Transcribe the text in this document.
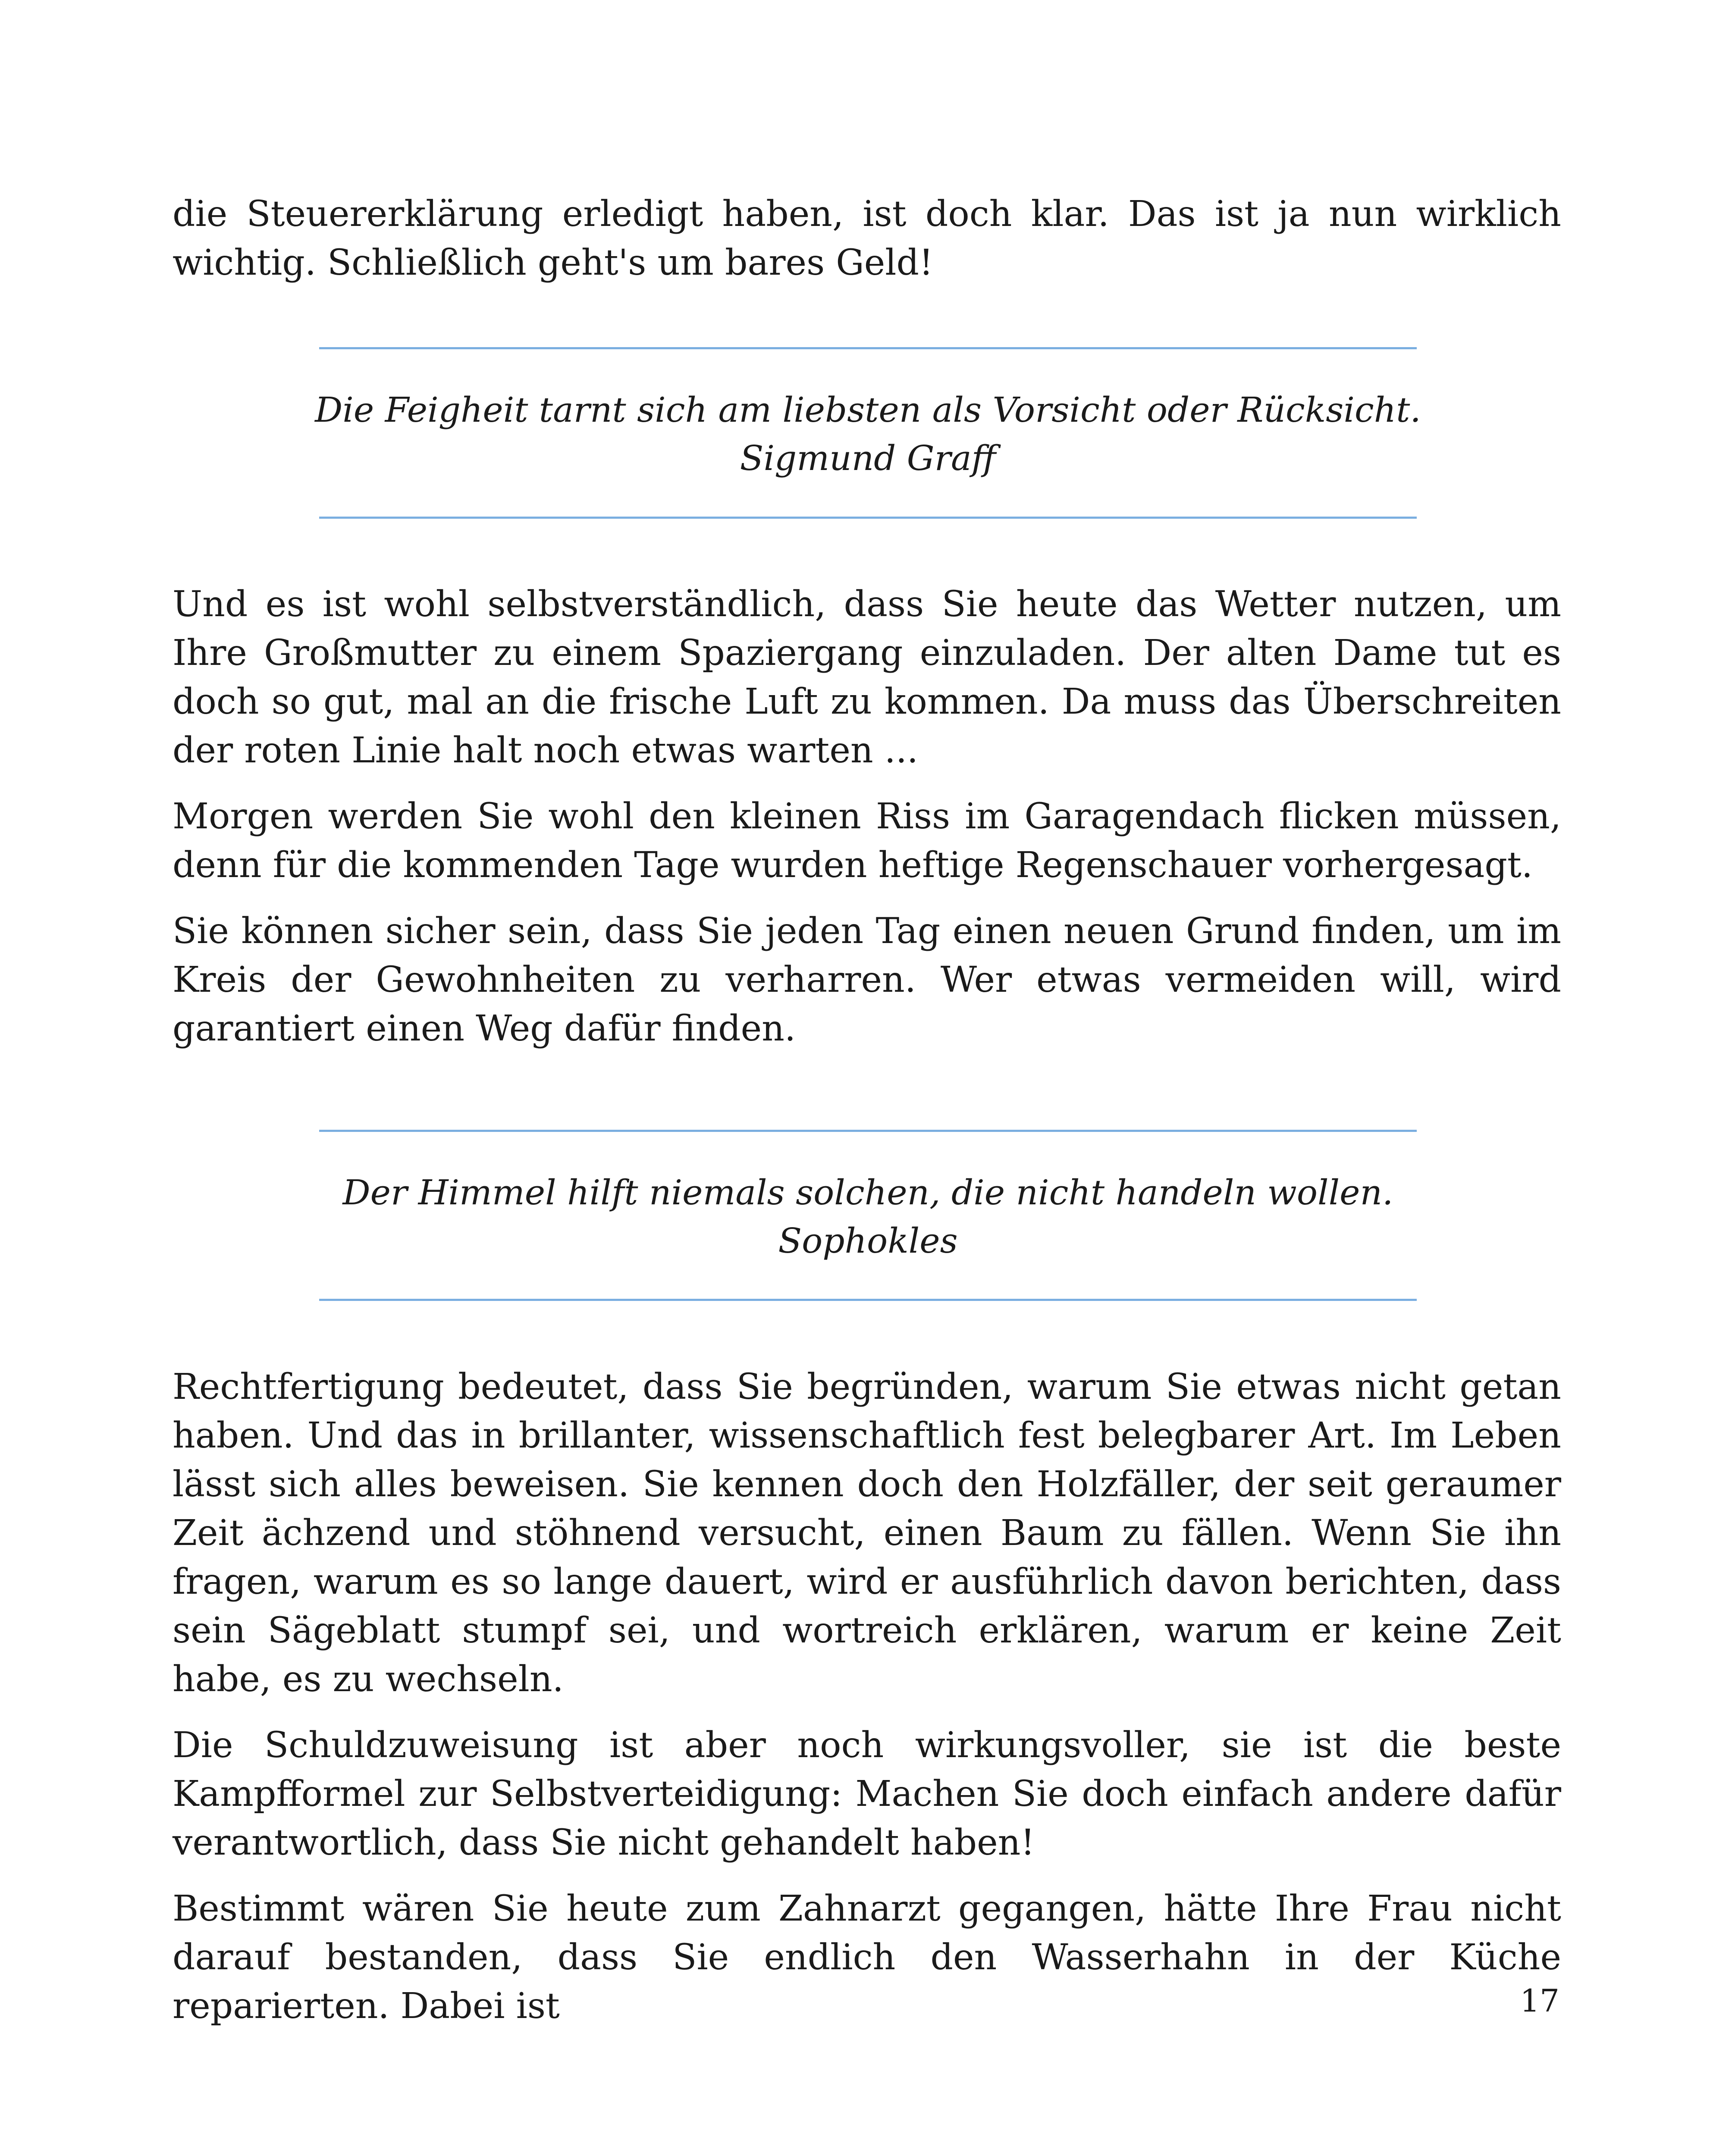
die Steuererklärung erledigt haben, ist doch klar. Das ist ja nun wirklich wichtig. Schließlich geht's um bares Geld!

Die Feigheit tarnt sich am liebsten als Vorsicht oder Rücksicht.
Sigmund Graff

Und es ist wohl selbstverständlich, dass Sie heute das Wetter nutzen, um Ihre Großmutter zu einem Spaziergang einzuladen. Der alten Dame tut es doch so gut, mal an die frische Luft zu kommen. Da muss das Überschreiten der roten Linie halt noch etwas warten ...

Morgen werden Sie wohl den kleinen Riss im Garagendach flicken müssen, denn für die kommenden Tage wurden heftige Regenschauer vorhergesagt.

Sie können sicher sein, dass Sie jeden Tag einen neuen Grund finden, um im Kreis der Gewohnheiten zu verharren. Wer etwas vermeiden will, wird garantiert einen Weg dafür finden.

Der Himmel hilft niemals solchen, die nicht handeln wollen.
Sophokles

Rechtfertigung bedeutet, dass Sie begründen, warum Sie etwas nicht getan haben. Und das in brillanter, wissenschaftlich fest belegbarer Art. Im Leben lässt sich alles beweisen. Sie kennen doch den Holzfäller, der seit geraumer Zeit ächzend und stöhnend versucht, einen Baum zu fällen. Wenn Sie ihn fragen, warum es so lange dauert, wird er ausführlich davon berichten, dass sein Sägeblatt stumpf sei, und wortreich erklären, warum er keine Zeit habe, es zu wechseln.

Die Schuldzuweisung ist aber noch wirkungsvoller, sie ist die beste Kampfformel zur Selbstverteidigung: Machen Sie doch einfach andere dafür verantwortlich, dass Sie nicht gehandelt haben!

Bestimmt wären Sie heute zum Zahnarzt gegangen, hätte Ihre Frau nicht darauf bestanden, dass Sie endlich den Wasserhahn in der Küche reparierten. Dabei ist	17
